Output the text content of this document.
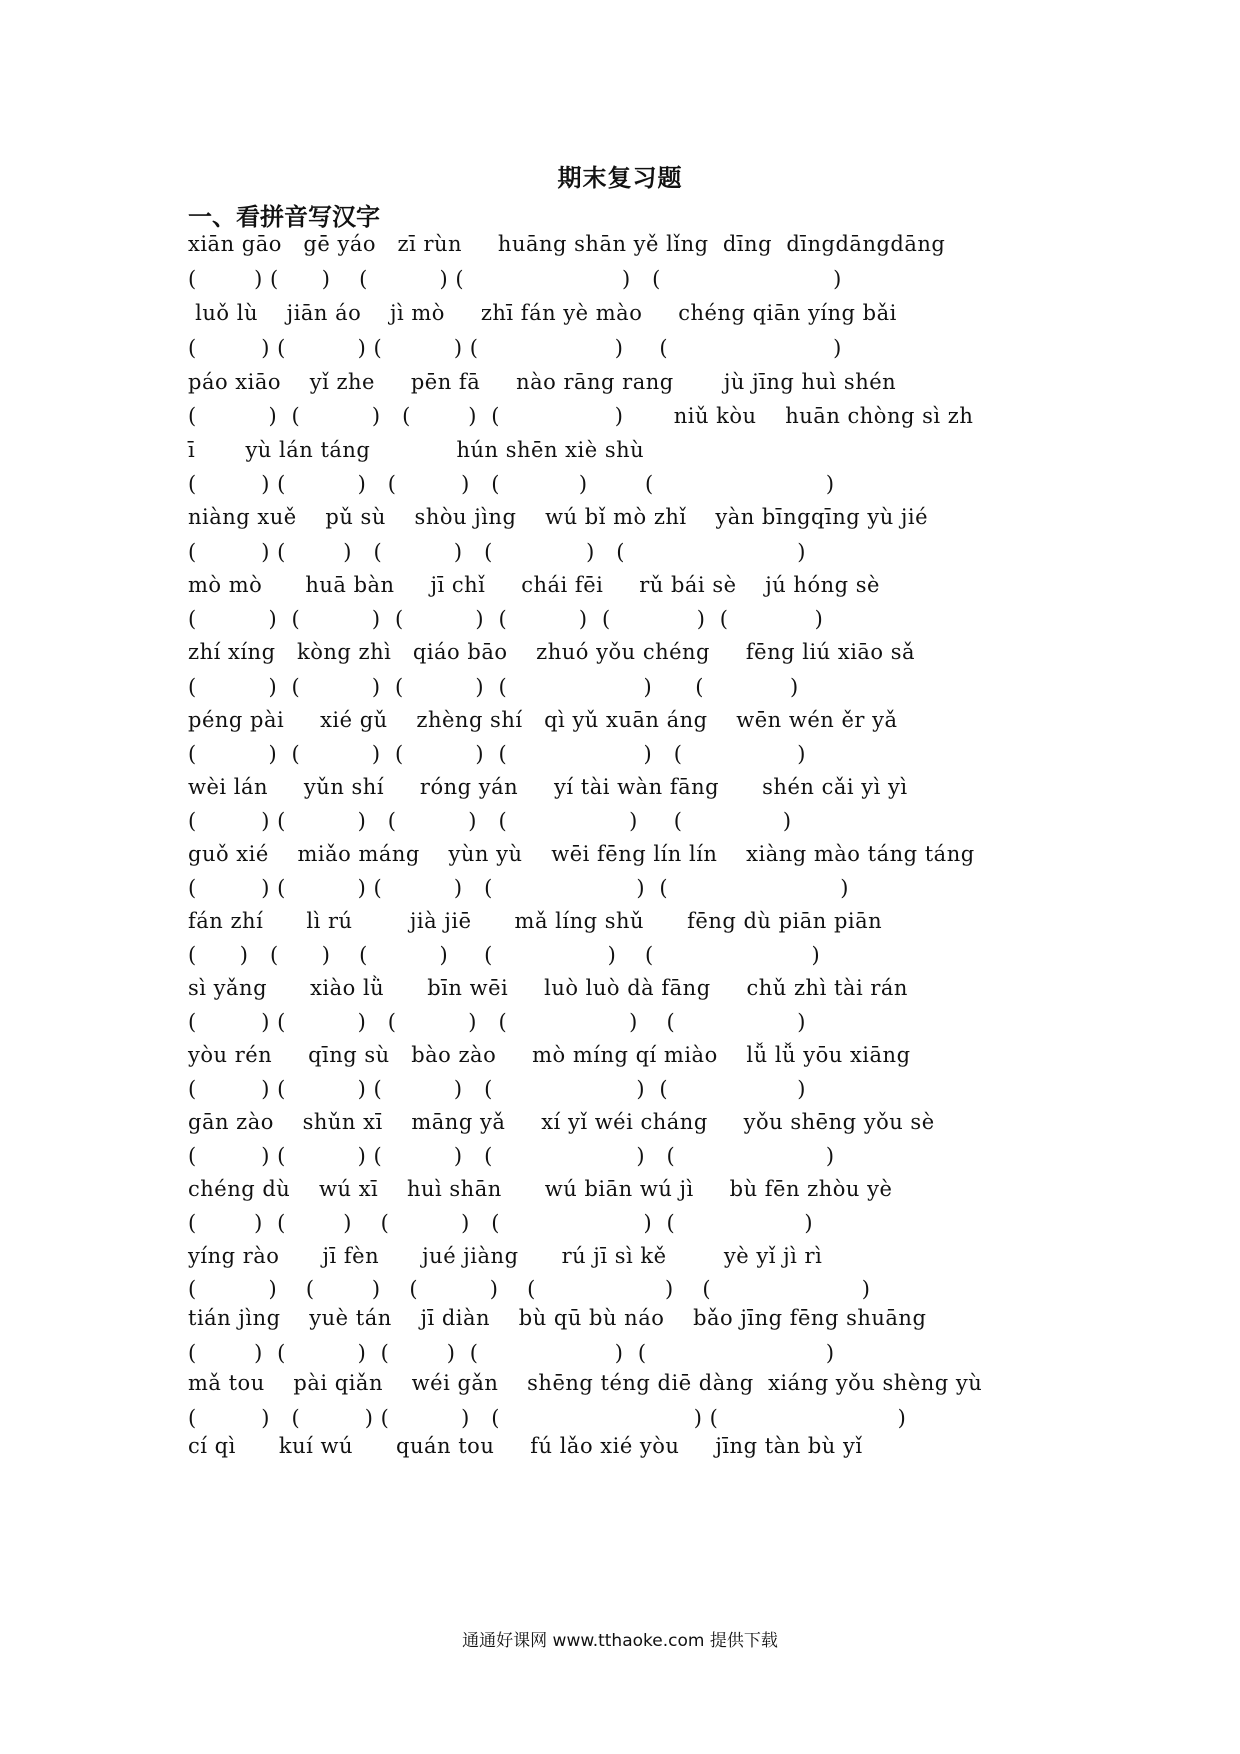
期末复习题
一、看拼音写汉字
xiān gāo   gē yáo   zī rùn     huāng shān yě lǐng  dīng  dīngdāngdāng
(        ) (      )    (          ) (                      )   (                        )
luǒ lù    jiān áo    jì mò     zhī fán yè mào     chéng qiān yíng bǎi
(         ) (          ) (          ) (                   )     (                       )
páo xiāo    yǐ zhe     pēn fā     nào rāng rang       jù jīng huì shén
(          )  (          )   (        )  (                )       niǔ kòu    huān chòng sì zh
ī       yù lán táng            hún shēn xiè shù
(         ) (          )   (         )   (           )        (                        )
niàng xuě    pǔ sù    shòu jìng    wú bǐ mò zhǐ    yàn bīngqīng yù jié
(         ) (        )   (          )   (             )   (                        )
mò mò      huā bàn     jī chǐ     chái fēi     rǔ bái sè    jú hóng sè
(          )  (          )  (          )  (          )  (            )  (            )
zhí xíng   kòng zhì   qiáo bāo    zhuó yǒu chéng     fēng liú xiāo sǎ
(          )  (          )  (          )  (                   )      (            )
péng pài     xié gǔ    zhèng shí   qì yǔ xuān áng    wēn wén ěr yǎ
(          )  (          )  (          )  (                   )   (                )
wèi lán     yǔn shí     róng yán     yí tài wàn fāng      shén cǎi yì yì
(         ) (          )   (          )   (                 )     (              )
guǒ xié    miǎo máng    yùn yù    wēi fēng lín lín    xiàng mào táng táng
(         ) (          ) (          )   (                    )  (                        )
fán zhí      lì rú        jià jiē      mǎ líng shǔ      fēng dù piān piān
(      )   (      )    (          )     (                )    (                      )
sì yǎng      xiào lǜ      bīn wēi     luò luò dà fāng     chǔ zhì tài rán
(         ) (          )   (          )   (                 )    (                 )
yòu rén     qīng sù   bào zào     mò míng qí miào    lǚ lǚ yōu xiāng
(         ) (          ) (          )   (                    )  (                  )
gān zào    shǔn xī    māng yǎ     xí yǐ wéi cháng     yǒu shēng yǒu sè
(         ) (          ) (          )   (                    )   (                     )
chéng dù    wú xī    huì shān      wú biān wú jì     bù fēn zhòu yè
(        )  (        )    (          )   (                    )  (                  )
yíng rào      jī fèn      jué jiàng      rú jī sì kě        yè yǐ jì rì
(          )    (        )    (          )    (                  )    (                     )
tián jìng    yuè tán    jī diàn    bù qū bù náo    bǎo jīng fēng shuāng
(        )  (          )  (        )  (                   )  (                         )
mǎ tou    pài qiǎn    wéi gǎn    shēng téng diē dàng  xiáng yǒu shèng yù
(         )   (         ) (          )   (                           ) (                         )
cí qì      kuí wú      quán tou     fú lǎo xié yòu     jīng tàn bù yǐ
通通好课网 www.tthaoke.com 提供下载
